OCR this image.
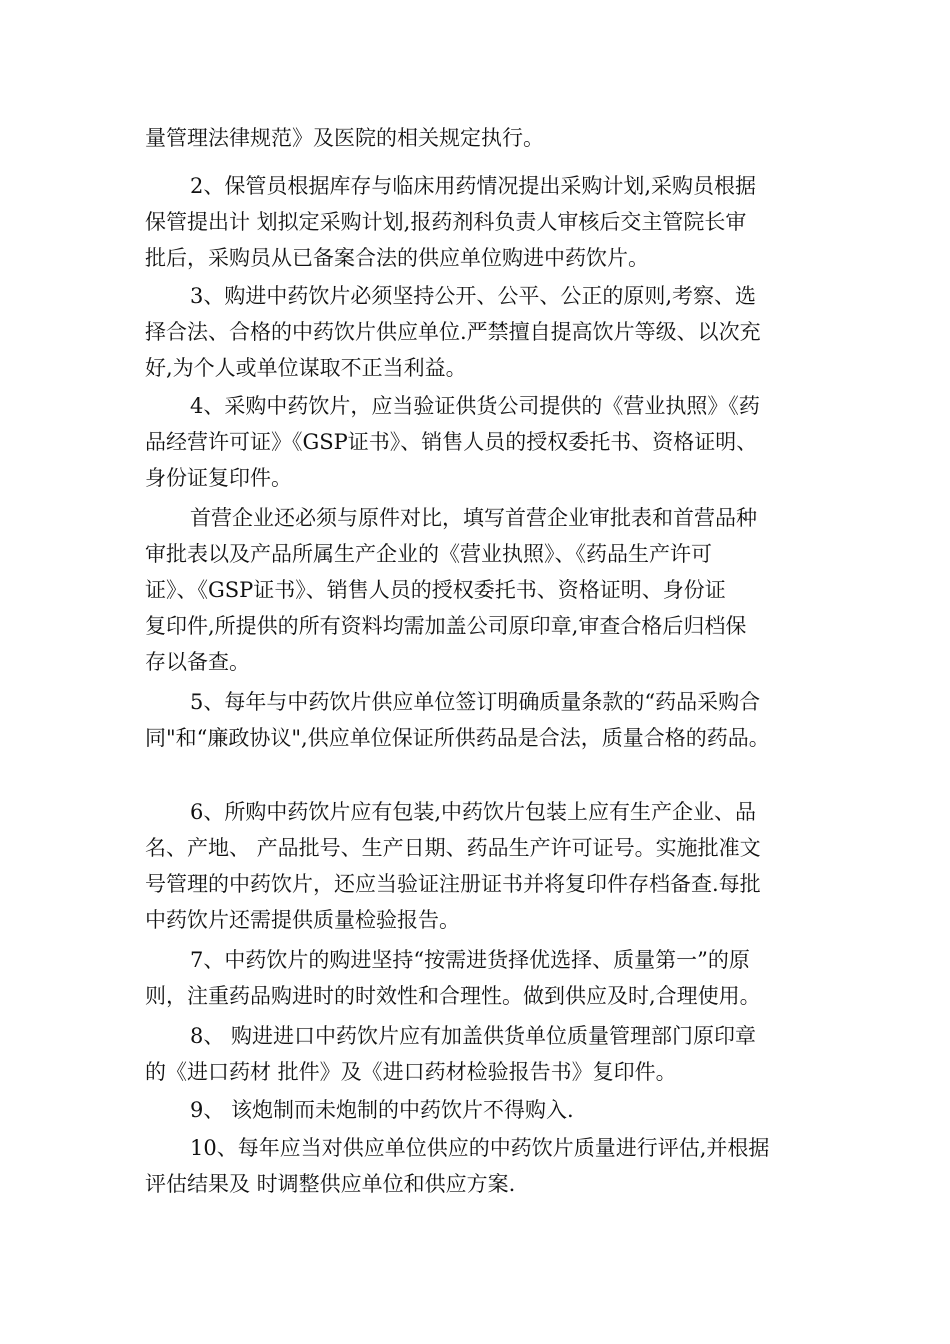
量管理法律规范》及医院的相关规定执行。
2、保管员根据库存与临床用药情况提出采购计划,采购员根据
保管提出计 划拟定采购计划,报药剂科负责人审核后交主管院长审
批后，采购员从已备案合法的供应单位购进中药饮片。
3、购进中药饮片必须坚持公开、公平、公正的原则,考察、选
择合法、合格的中药饮片供应单位.严禁擅自提高饮片等级、以次充
好,为个人或单位谋取不正当利益。
4、采购中药饮片，应当验证供货公司提供的《营业执照》《药
品经营许可证》《GSP证书》、销售人员的授权委托书、资格证明、
身份证复印件。
首营企业还必须与原件对比，填写首营企业审批表和首营品种
审批表以及产品所属生产企业的《营业执照》、《药品生产许可
证》、《GSP证书》、销售人员的授权委托书、资格证明、身份证
复印件,所提供的所有资料均需加盖公司原印章,审查合格后归档保
存以备查。
5、每年与中药饮片供应单位签订明确质量条款的“药品采购合
同"和“廉政协议",供应单位保证所供药品是合法，质量合格的药品。
6、所购中药饮片应有包装,中药饮片包装上应有生产企业、品
名、产地、 产品批号、生产日期、药品生产许可证号。实施批准文
号管理的中药饮片，还应当验证注册证书并将复印件存档备查.每批
中药饮片还需提供质量检验报告。
7、中药饮片的购进坚持“按需进货择优选择、质量第一”的原
则，注重药品购进时的时效性和合理性。做到供应及时,合理使用。
8、 购进进口中药饮片应有加盖供货单位质量管理部门原印章
的《进口药材 批件》及《进口药材检验报告书》复印件。
9、 该炮制而未炮制的中药饮片不得购入.
10、每年应当对供应单位供应的中药饮片质量进行评估,并根据
评估结果及 时调整供应单位和供应方案.
